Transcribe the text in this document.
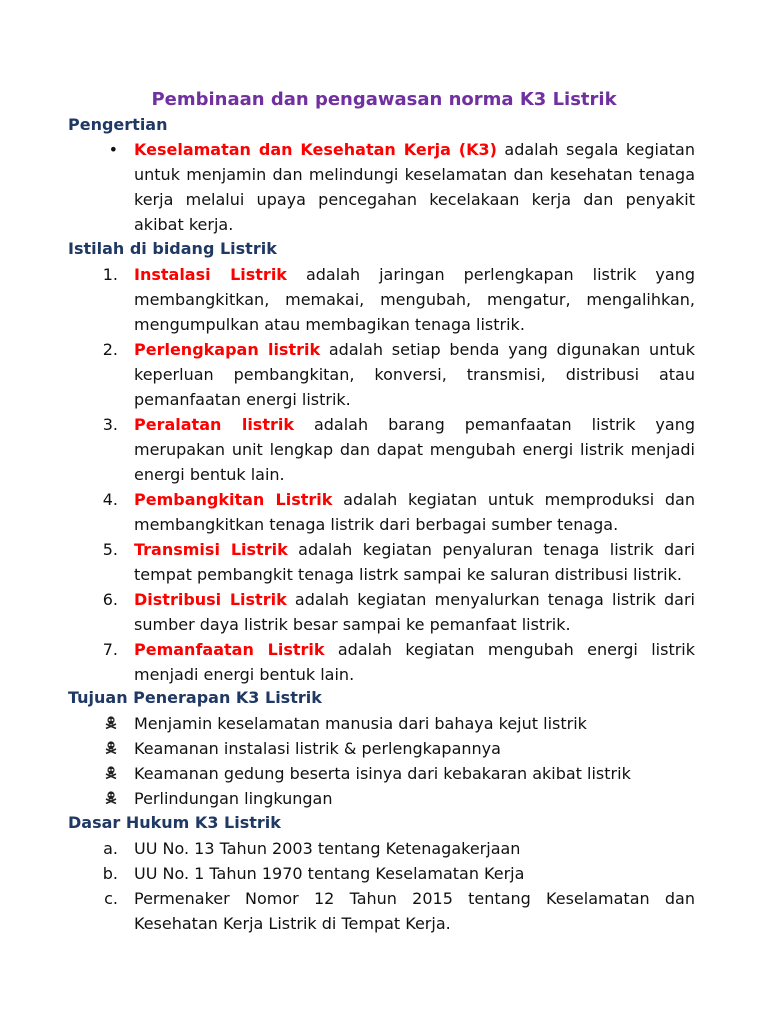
Pembinaan dan pengawasan norma K3 Listrik
Pengertian
• Keselamatan dan Kesehatan Kerja (K3) adalah segala kegiatan untuk menjamin dan melindungi keselamatan dan kesehatan tenaga kerja melalui upaya pencegahan kecelakaan kerja dan penyakit akibat kerja.
Istilah di bidang Listrik
1. Instalasi Listrik adalah jaringan perlengkapan listrik yang membangkitkan, memakai, mengubah, mengatur, mengalihkan, mengumpulkan atau membagikan tenaga listrik.
2. Perlengkapan listrik adalah setiap benda yang digunakan untuk keperluan pembangkitan, konversi, transmisi, distribusi atau pemanfaatan energi listrik.
3. Peralatan listrik adalah barang pemanfaatan listrik yang merupakan unit lengkap dan dapat mengubah energi listrik menjadi energi bentuk lain.
4. Pembangkitan Listrik adalah kegiatan untuk memproduksi dan membangkitkan tenaga listrik dari berbagai sumber tenaga.
5. Transmisi Listrik adalah kegiatan penyaluran tenaga listrik dari tempat pembangkit tenaga listrk sampai ke saluran distribusi listrik.
6. Distribusi Listrik adalah kegiatan menyalurkan tenaga listrik dari sumber daya listrik besar sampai ke pemanfaat listrik.
7. Pemanfaatan Listrik adalah kegiatan mengubah energi listrik menjadi energi bentuk lain.
Tujuan Penerapan K3 Listrik
Menjamin keselamatan manusia dari bahaya kejut listrik
Keamanan instalasi listrik & perlengkapannya
Keamanan gedung beserta isinya dari kebakaran akibat listrik
Perlindungan lingkungan
Dasar Hukum K3 Listrik
a. UU No. 13 Tahun 2003 tentang Ketenagakerjaan
b. UU No. 1 Tahun 1970 tentang Keselamatan Kerja
c. Permenaker Nomor 12 Tahun 2015 tentang Keselamatan dan Kesehatan Kerja Listrik di Tempat Kerja.
